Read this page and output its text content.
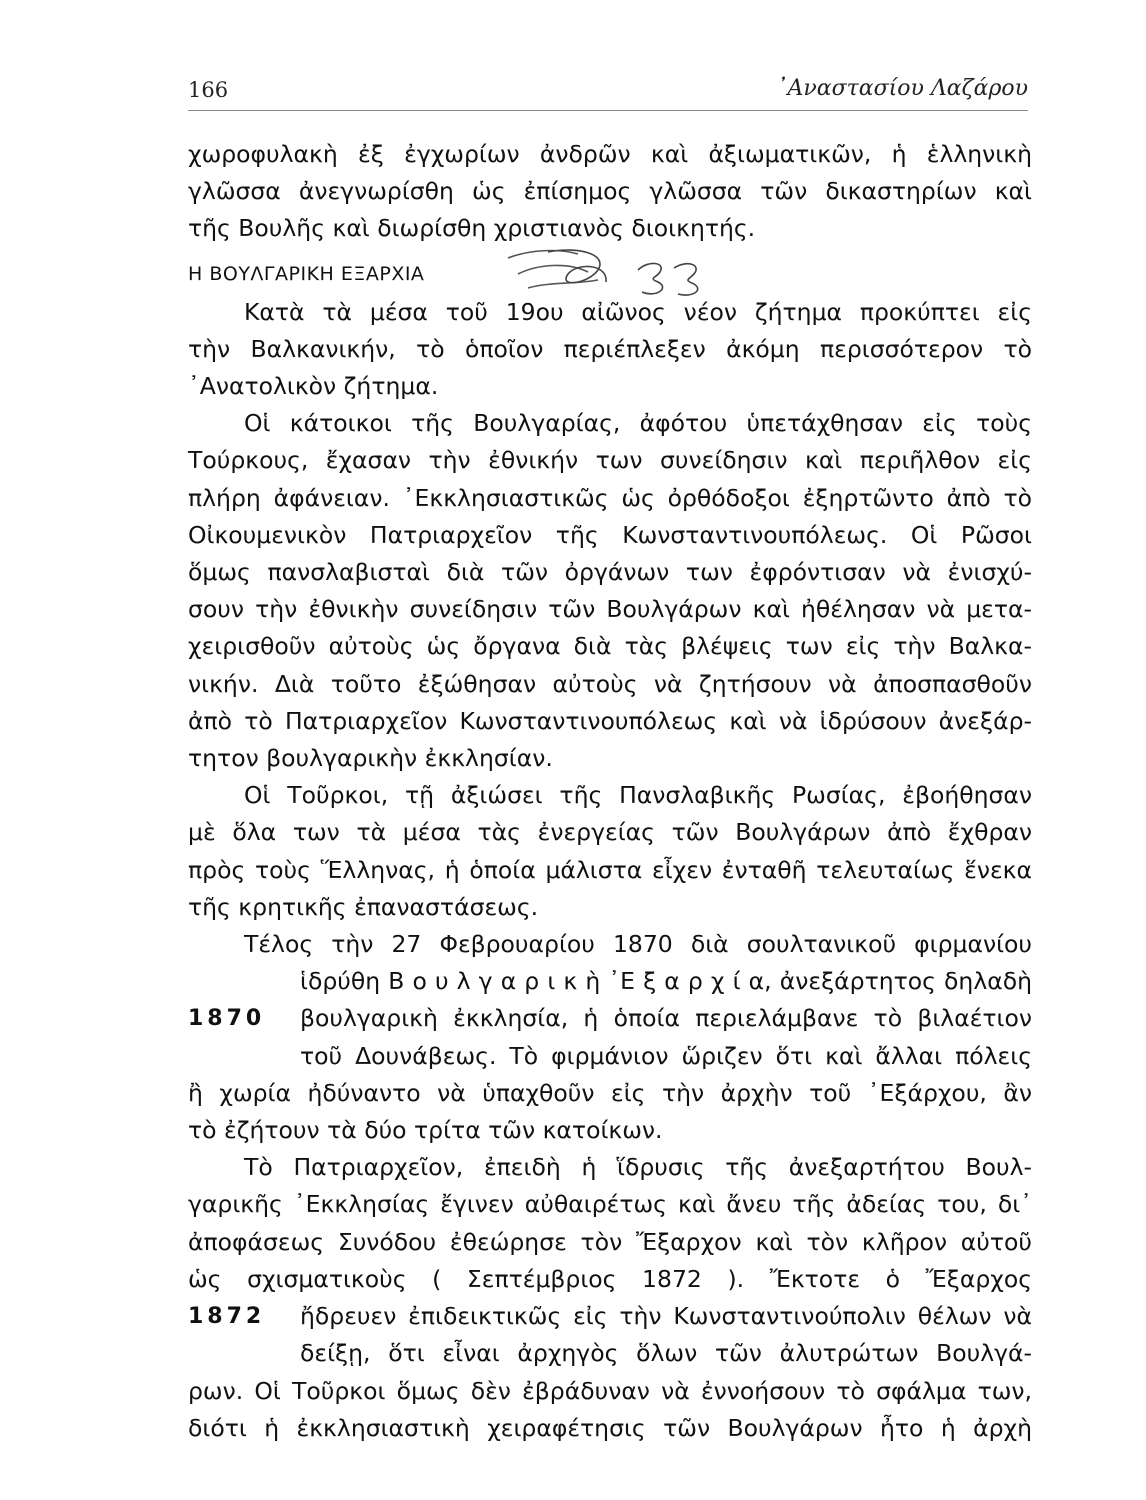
166	᾿Αναστασίου Λαζάρου

χωροφυλακὴ ἐξ ἐγχωρίων ἀνδρῶν καὶ ἀξιωματικῶν, ἡ ἑλληνικὴ
γλῶσσα ἀνεγνωρίσθη ὡς ἐπίσημος γλῶσσα τῶν δικαστηρίων καὶ
τῆς Βουλῆς καὶ διωρίσθη χριστιανὸς διοικητής.

Η ΒΟΥΛΓΑΡΙΚΗ ΕΞΑΡΧΙΑ

Κατὰ τὰ μέσα τοῦ 19ου αἰῶνος νέον ζήτημα προκύπτει εἰς
τὴν Βαλκανικήν, τὸ ὁποῖον περιέπλεξεν ἀκόμη περισσότερον τὸ
᾿Ανατολικὸν ζήτημα.

Οἱ κάτοικοι τῆς Βουλγαρίας, ἀφότου ὑπετάχθησαν εἰς τοὺς
Τούρκους, ἔχασαν τὴν ἐθνικήν των συνείδησιν καὶ περιῆλθον εἰς
πλήρη ἀφάνειαν. ᾿Εκκλησιαστικῶς ὡς ὀρθόδοξοι ἐξηρτῶντο ἀπὸ τὸ
Οἰκουμενικὸν Πατριαρχεῖον τῆς Κωνσταντινουπόλεως. Οἱ Ρῶσοι
ὅμως πανσλαβισταὶ διὰ τῶν ὀργάνων των ἐφρόντισαν νὰ ἐνισχύ-
σουν τὴν ἐθνικὴν συνείδησιν τῶν Βουλγάρων καὶ ἠθέλησαν νὰ μετα-
χειρισθοῦν αὐτοὺς ὡς ὄργανα διὰ τὰς βλέψεις των εἰς τὴν Βαλκα-
νικήν. Διὰ τοῦτο ἐξώθησαν αὐτοὺς νὰ ζητήσουν νὰ ἀποσπασθοῦν
ἀπὸ τὸ Πατριαρχεῖον Κωνσταντινουπόλεως καὶ νὰ ἱδρύσουν ἀνεξάρ-
τητον βουλγαρικὴν ἐκκλησίαν.

Οἱ Τοῦρκοι, τῇ ἀξιώσει τῆς Πανσλαβικῆς Ρωσίας, ἐβοήθησαν
μὲ ὅλα των τὰ μέσα τὰς ἐνεργείας τῶν Βουλγάρων ἀπὸ ἔχθραν
πρὸς τοὺς Ἕλληνας, ἡ ὁποία μάλιστα εἶχεν ἐνταθῆ τελευταίως ἕνεκα
τῆς κρητικῆς ἐπαναστάσεως.

Τέλος τὴν 27 Φεβρουαρίου 1870 διὰ σουλτανικοῦ φιρμανίου
ἱδρύθη Β ο υ λ γ α ρ ι κ ὴ ᾿Ε ξ α ρ χ ί α, ἀνεξάρτητος δηλαδὴ
βουλγαρικὴ ἐκκλησία, ἡ ὁποία περιελάμβανε τὸ βιλαέτιον
τοῦ Δουνάβεως. Τὸ φιρμάνιον ὥριζεν ὅτι καὶ ἄλλαι πόλεις
1870
ἢ χωρία ἠδύναντο νὰ ὑπαχθοῦν εἰς τὴν ἀρχὴν τοῦ ᾿Εξάρχου, ἂν
τὸ ἐζήτουν τὰ δύο τρίτα τῶν κατοίκων.

Τὸ Πατριαρχεῖον, ἐπειδὴ ἡ ἵδρυσις τῆς ἀνεξαρτήτου Βουλ-
γαρικῆς ᾿Εκκλησίας ἔγινεν αὐθαιρέτως καὶ ἄνευ τῆς ἀδείας του, δι᾿
ἀποφάσεως Συνόδου ἐθεώρησε τὸν Ἔξαρχον καὶ τὸν κλῆρον αὐτοῦ
ὡς σχισματικοὺς ( Σεπτέμβριος 1872 ). Ἔκτοτε ὁ Ἔξαρχος
ἤδρευεν ἐπιδεικτικῶς εἰς τὴν Κωνσταντινούπολιν θέλων νὰ
1872
δείξῃ, ὅτι εἶναι ἀρχηγὸς ὅλων τῶν ἀλυτρώτων Βουλγά-
ρων. Οἱ Τοῦρκοι ὅμως δὲν ἐβράδυναν νὰ ἐννοήσουν τὸ σφάλμα των,
διότι ἡ ἐκκλησιαστικὴ χειραφέτησις τῶν Βουλγάρων ἦτο ἡ ἀρχὴ
